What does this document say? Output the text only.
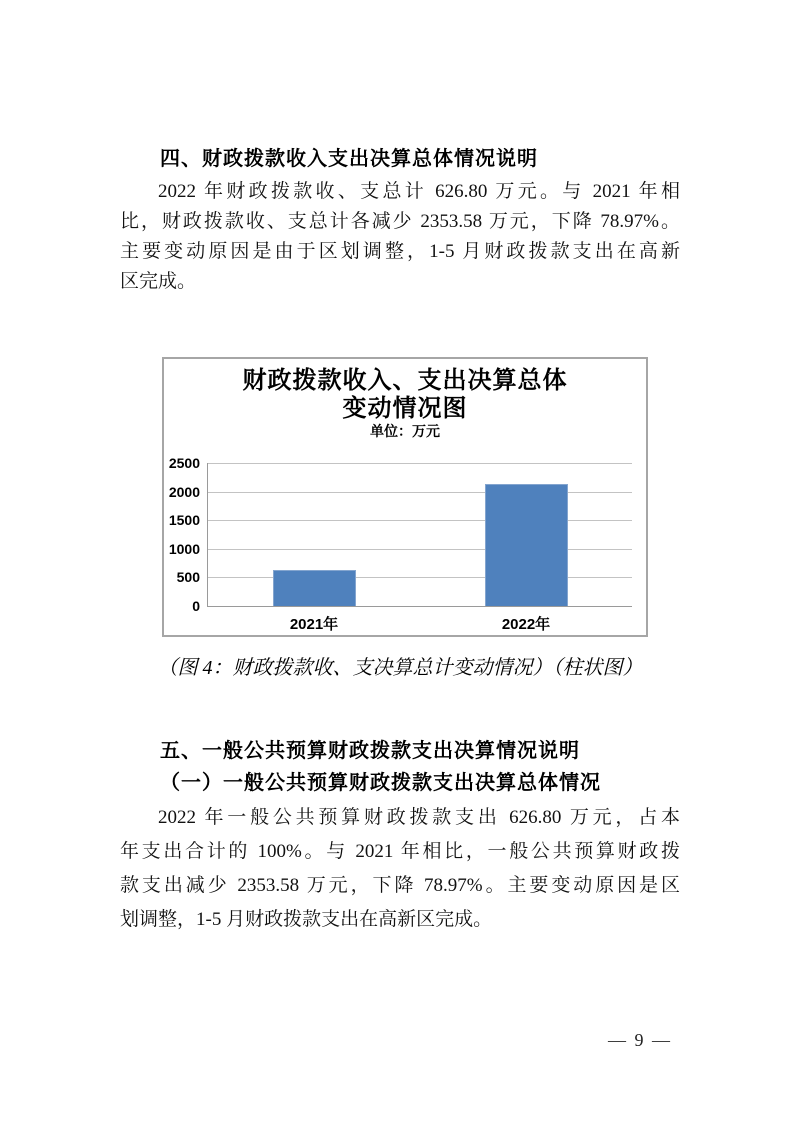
四、财政拨款收入支出决算总体情况说明
2022 年财政拨款收、支总计 626.80 万元。与 2021 年相
比，财政拨款收、支总计各减少 2353.58 万元，下降 78.97%。
主要变动原因是由于区划调整，1-5 月财政拨款支出在高新
区完成。
财政拨款收入、支出决算总体
变动情况图
单位：万元
0
500
1000
1500
2000
2500
2021年	2022年

（图 4：财政拨款收、支决算总计变动情况）（柱状图）

五、一般公共预算财政拨款支出决算情况说明
（一）一般公共预算财政拨款支出决算总体情况
2022 年一般公共预算财政拨款支出 626.80 万元，占本
年支出合计的 100%。与 2021 年相比，一般公共预算财政拨
款支出减少 2353.58 万元，下降 78.97%。主要变动原因是区
划调整，1-5 月财政拨款支出在高新区完成。
— 9 —
